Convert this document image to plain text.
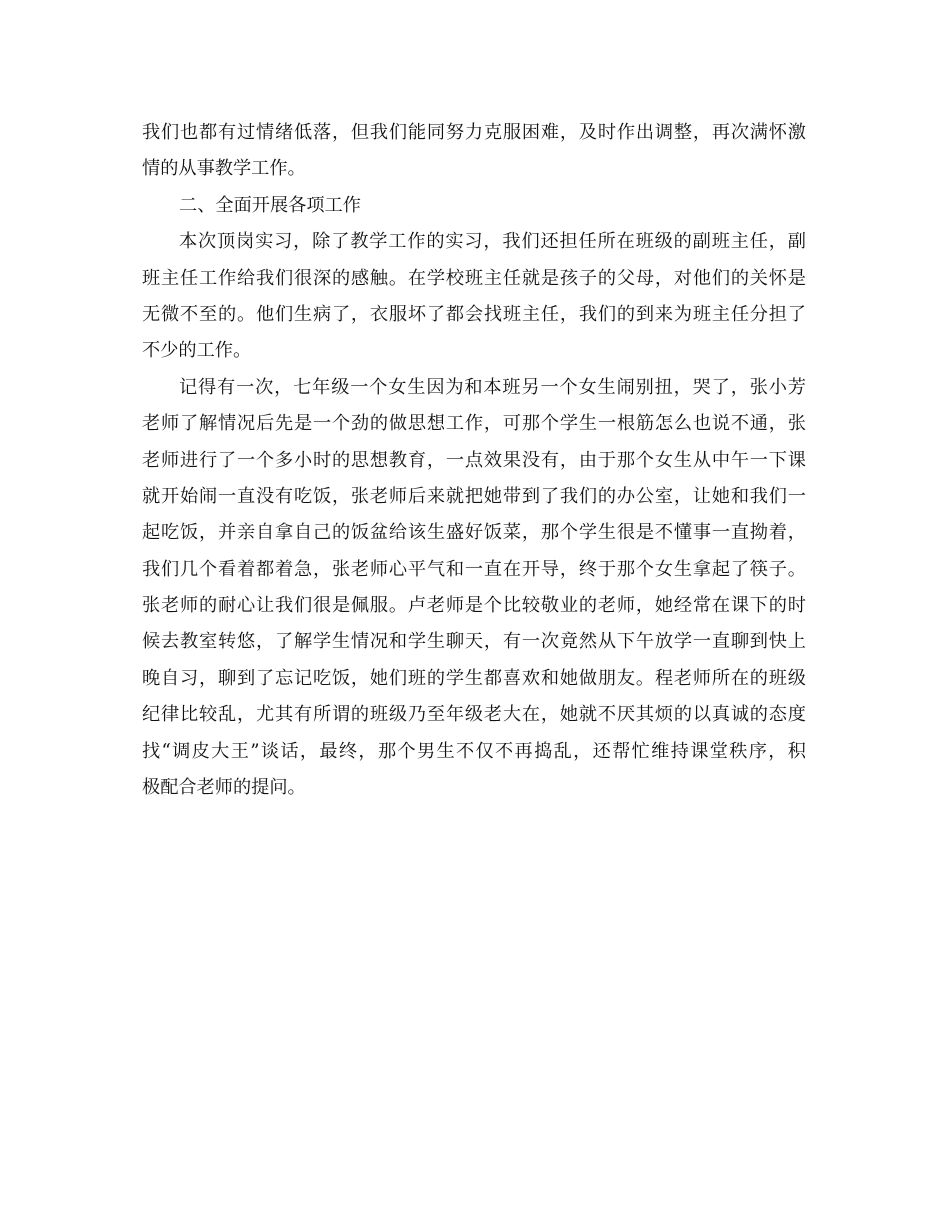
我们也都有过情绪低落，但我们能同努力克服困难，及时作出调整，再次满怀激
情的从事教学工作。
二、全面开展各项工作
本次顶岗实习，除了教学工作的实习，我们还担任所在班级的副班主任，副
班主任工作给我们很深的感触。在学校班主任就是孩子的父母，对他们的关怀是
无微不至的。他们生病了，衣服坏了都会找班主任，我们的到来为班主任分担了
不少的工作。
记得有一次，七年级一个女生因为和本班另一个女生闹别扭，哭了，张小芳
老师了解情况后先是一个劲的做思想工作，可那个学生一根筋怎么也说不通，张
老师进行了一个多小时的思想教育，一点效果没有，由于那个女生从中午一下课
就开始闹一直没有吃饭，张老师后来就把她带到了我们的办公室，让她和我们一
起吃饭，并亲自拿自己的饭盆给该生盛好饭菜，那个学生很是不懂事一直拗着，
我们几个看着都着急，张老师心平气和一直在开导，终于那个女生拿起了筷子。
张老师的耐心让我们很是佩服。卢老师是个比较敬业的老师，她经常在课下的时
候去教室转悠，了解学生情况和学生聊天，有一次竟然从下午放学一直聊到快上
晚自习，聊到了忘记吃饭，她们班的学生都喜欢和她做朋友。程老师所在的班级
纪律比较乱，尤其有所谓的班级乃至年级老大在，她就不厌其烦的以真诚的态度
找“调皮大王”谈话，最终，那个男生不仅不再捣乱，还帮忙维持课堂秩序，积
极配合老师的提问。
